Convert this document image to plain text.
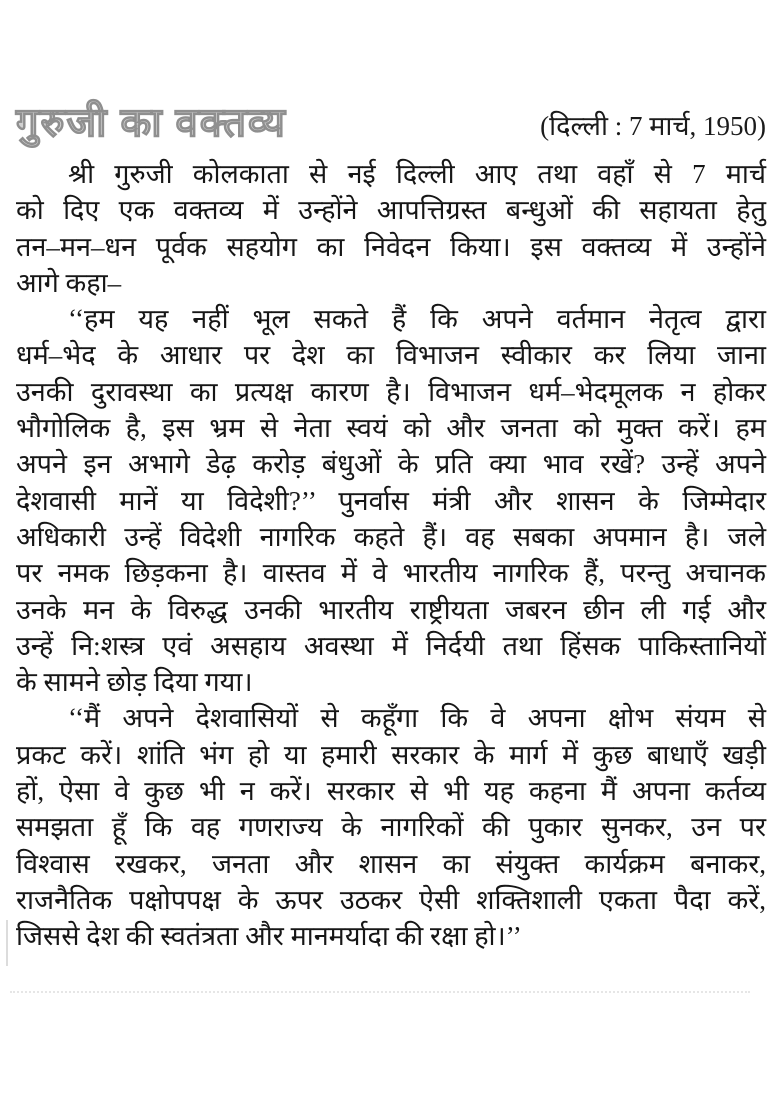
गुरुजी का वक्तव्य	(दिल्ली : 7 मार्च, 1950)
श्री गुरुजी कोलकाता से नई दिल्ली आए तथा वहाँ से 7 मार्च
को दिए एक वक्तव्य में उन्होंने आपत्तिग्रस्त बन्धुओं की सहायता हेतु
तन–मन–धन पूर्वक सहयोग का निवेदन किया। इस वक्तव्य में उन्होंने
आगे कहा–
‘‘हम यह नहीं भूल सकते हैं कि अपने वर्तमान नेतृत्व द्वारा
धर्म–भेद के आधार पर देश का विभाजन स्वीकार कर लिया जाना
उनकी दुरावस्था का प्रत्यक्ष कारण है। विभाजन धर्म–भेदमूलक न होकर
भौगोलिक है, इस भ्रम से नेता स्वयं को और जनता को मुक्त करें। हम
अपने इन अभागे डेढ़ करोड़ बंधुओं के प्रति क्या भाव रखें? उन्हें अपने
देशवासी मानें या विदेशी?’’ पुनर्वास मंत्री और शासन के जिम्मेदार
अधिकारी उन्हें विदेशी नागरिक कहते हैं। वह सबका अपमान है। जले
पर नमक छिड़कना है। वास्तव में वे भारतीय नागरिक हैं, परन्तु अचानक
उनके मन के विरुद्ध उनकी भारतीय राष्ट्रीयता जबरन छीन ली गई और
उन्हें नि:शस्त्र एवं असहाय अवस्था में निर्दयी तथा हिंसक पाकिस्तानियों
के सामने छोड़ दिया गया।
‘‘मैं अपने देशवासियों से कहूँगा कि वे अपना क्षोभ संयम से
प्रकट करें। शांति भंग हो या हमारी सरकार के मार्ग में कुछ बाधाएँ खड़ी
हों, ऐसा वे कुछ भी न करें। सरकार से भी यह कहना मैं अपना कर्तव्य
समझता हूँ कि वह गणराज्य के नागरिकों की पुकार सुनकर, उन पर
विश्वास रखकर, जनता और शासन का संयुक्त कार्यक्रम बनाकर,
राजनैतिक पक्षोपपक्ष के ऊपर उठकर ऐसी शक्तिशाली एकता पैदा करें,
जिससे देश की स्वतंत्रता और मानमर्यादा की रक्षा हो।’’
